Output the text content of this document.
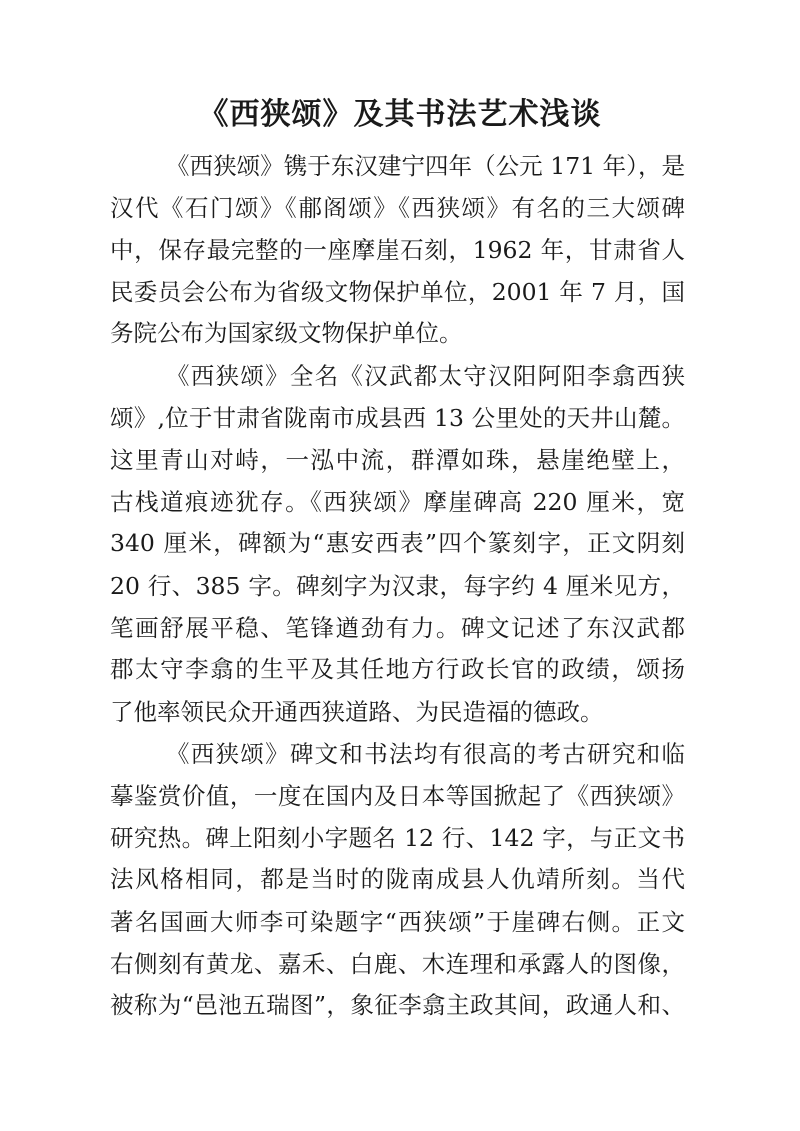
《西狭颂》及其书法艺术浅谈
《西狭颂》镌于东汉建宁四年（公元 171 年），是
汉代《石门颂》《郙阁颂》《西狭颂》有名的三大颂碑
中，保存最完整的一座摩崖石刻，1962 年，甘肃省人
民委员会公布为省级文物保护单位，2001 年 7 月，国
务院公布为国家级文物保护单位。
《西狭颂》全名《汉武都太守汉阳阿阳李翕西狭
颂》,位于甘肃省陇南市成县西 13 公里处的天井山麓。
这里青山对峙，一泓中流，群潭如珠，悬崖绝壁上，
古栈道痕迹犹存。《西狭颂》摩崖碑高 220 厘米，宽
340 厘米，碑额为“惠安西表”四个篆刻字，正文阴刻
20 行、385 字。碑刻字为汉隶，每字约 4 厘米见方，
笔画舒展平稳、笔锋遒劲有力。碑文记述了东汉武都
郡太守李翕的生平及其任地方行政长官的政绩，颂扬
了他率领民众开通西狭道路、为民造福的德政。
《西狭颂》碑文和书法均有很高的考古研究和临
摹鉴赏价值，一度在国内及日本等国掀起了《西狭颂》
研究热。碑上阳刻小字题名 12 行、142 字，与正文书
法风格相同，都是当时的陇南成县人仇靖所刻。当代
著名国画大师李可染题字“西狭颂”于崖碑右侧。正文
右侧刻有黄龙、嘉禾、白鹿、木连理和承露人的图像，
被称为“邑池五瑞图”，象征李翕主政其间，政通人和、
